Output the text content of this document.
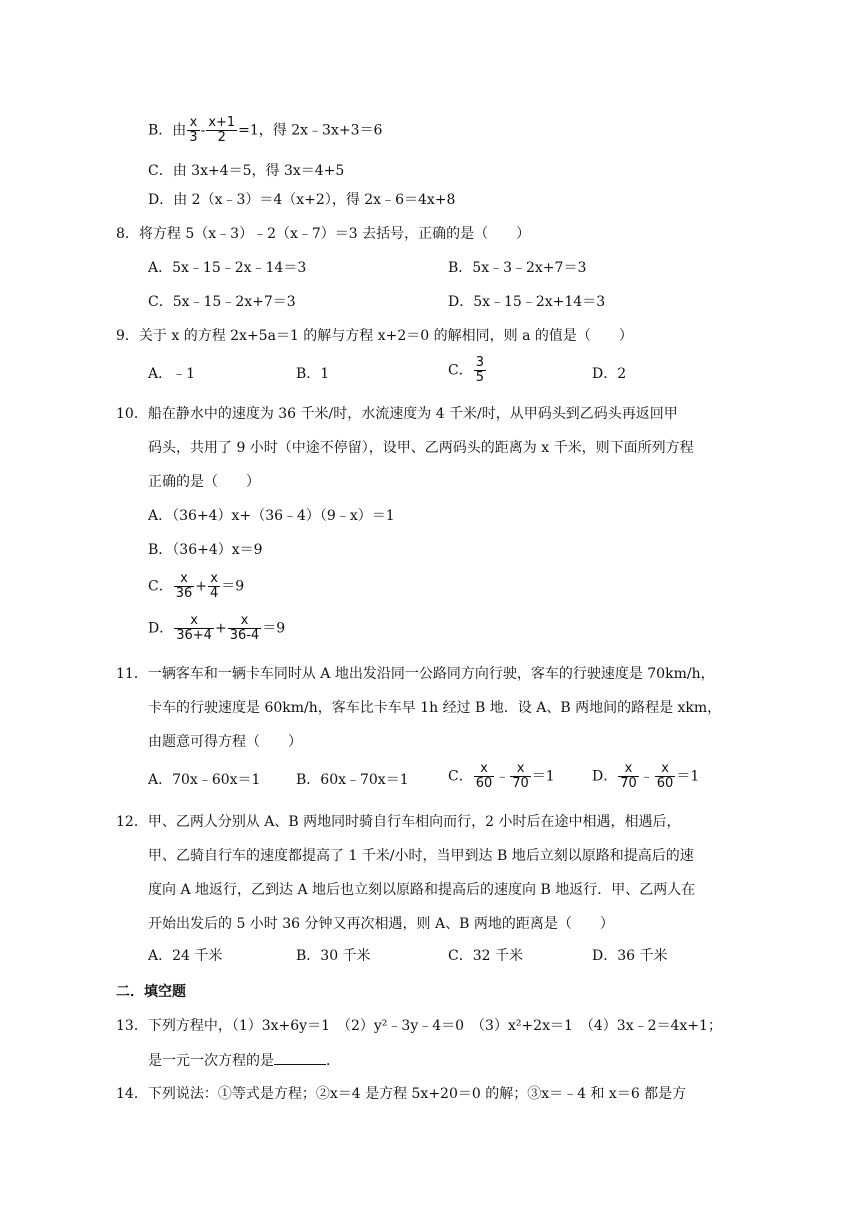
B．由 $\frac{x}{3} - \frac{x+1}{2} =1$，得 2x﹣3x+3＝6
C．由 3x+4＝5，得 3x＝4+5
D．由 2（x﹣3）＝4（x+2），得 2x﹣6＝4x+8
8．将方程 5（x﹣3）﹣2（x﹣7）＝3 去括号，正确的是（　　）
A．5x﹣15﹣2x﹣14＝3	B．5x﹣3﹣2x+7＝3
C．5x﹣15﹣2x+7＝3	D．5x﹣15﹣2x+14＝3
9．关于 x 的方程 2x+5a＝1 的解与方程 x+2＝0 的解相同，则 a 的值是（　　）
A．﹣1	B．1	C． $\frac{3}{5}$	D．2
10．船在静水中的速度为 36 千米/时，水流速度为 4 千米/时，从甲码头到乙码头再返回甲
码头，共用了 9 小时（中途不停留），设甲、乙两码头的距离为 x 千米，则下面所列方程
正确的是（　　）
A．（36+4）x+（36﹣4）（9﹣x）＝1
B．（36+4）x＝9
C． $\frac{x}{36} + \frac{x}{4} =9$
D． $\frac{x}{36+4} + \frac{x}{36-4} =9$
11．一辆客车和一辆卡车同时从 A 地出发沿同一公路同方向行驶，客车的行驶速度是 70km/h，
卡车的行驶速度是 60km/h，客车比卡车早 1h 经过 B 地．设 A、B 两地间的路程是 xkm，
由题意可得方程（　　）
A．70x﹣60x＝1	B．60x﹣70x＝1	C． $\frac{x}{60}$ ﹣ $\frac{x}{70} =1$	D． $\frac{x}{70}$ ﹣ $\frac{x}{60} =1$
12．甲、乙两人分别从 A、B 两地同时骑自行车相向而行，2 小时后在途中相遇，相遇后，
甲、乙骑自行车的速度都提高了 1 千米/小时，当甲到达 B 地后立刻以原路和提高后的速
度向 A 地返行，乙到达 A 地后也立刻以原路和提高后的速度向 B 地返行．甲、乙两人在
开始出发后的 5 小时 36 分钟又再次相遇，则 A、B 两地的距离是（　　）
A．24 千米	B．30 千米	C．32 千米	D．36 千米
二．填空题
13．下列方程中，（1）3x+6y＝1　（2）y²﹣3y﹣4＝0　（3）x²+2x＝1　（4）3x﹣2＝4x+1；
是一元一次方程的是	．
14．下列说法：①等式是方程；②x＝4 是方程 5x+20＝0 的解；③x＝﹣4 和 x＝6 都是方
